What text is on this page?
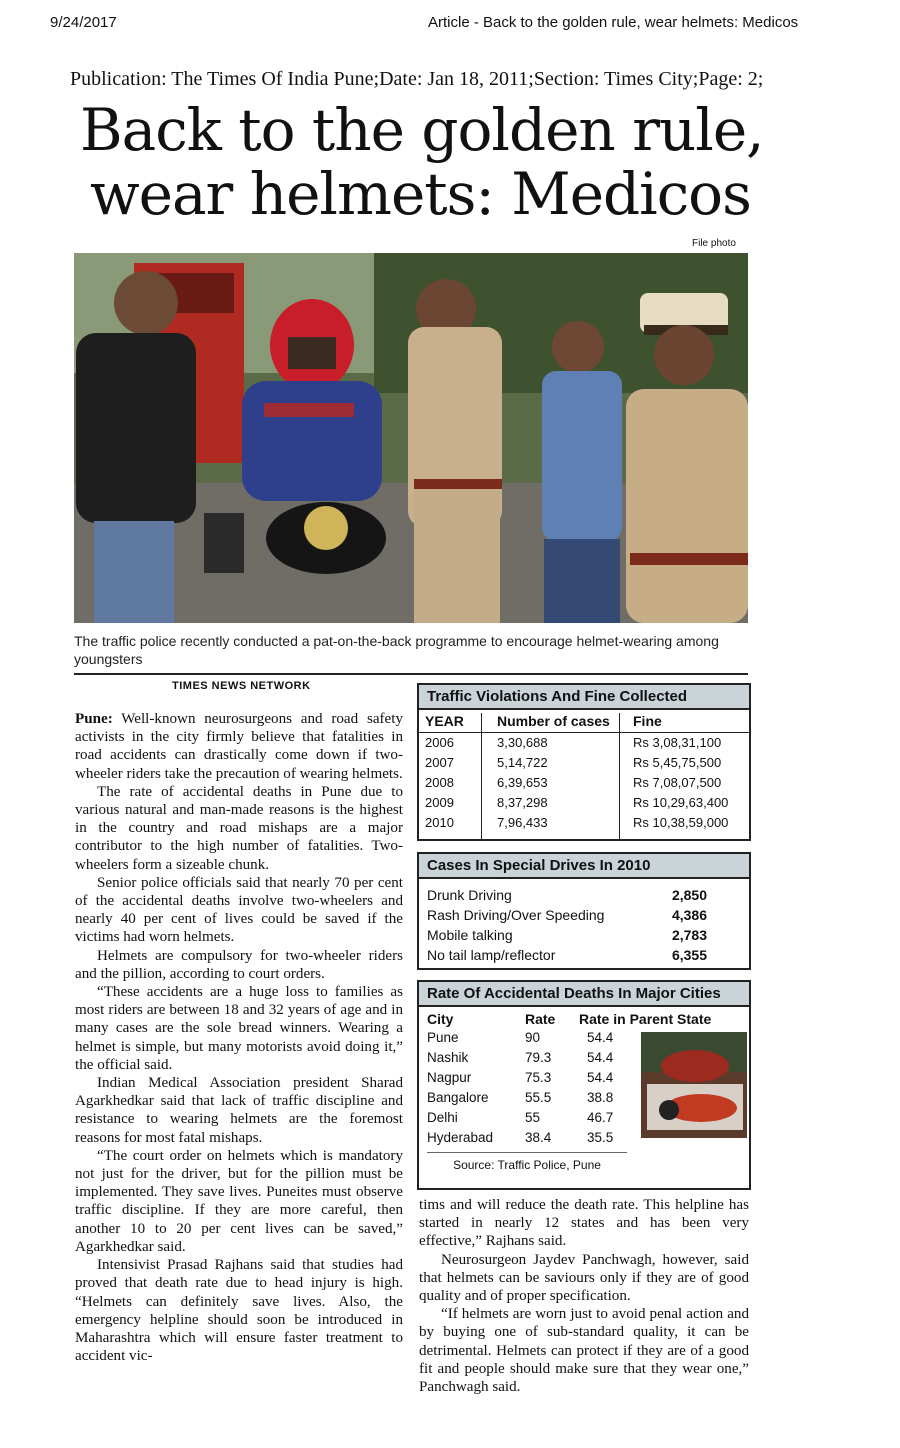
9/24/2017	Article - Back to the golden rule, wear helmets: Medicos
Publication: The Times Of India Pune;Date: Jan 18, 2011;Section: Times City;Page: 2;
Back to the golden rule,
wear helmets: Medicos
File photo
The traffic police recently conducted a pat-on-the-back programme to encourage helmet-wearing among youngsters
TIMES NEWS NETWORK

Pune: Well-known neurosurgeons and road safety activists in the city firmly believe that fatalities in road accidents can drastically come down if two-wheeler riders take the precaution of wearing helmets.

The rate of accidental deaths in Pune due to various natural and man-made reasons is the highest in the country and road mishaps are a major contributor to the high number of fatalities. Two-wheelers form a sizeable chunk.

Senior police officials said that nearly 70 per cent of the accidental deaths involve two-wheelers and nearly 40 per cent of lives could be saved if the victims had worn helmets.

Helmets are compulsory for two-wheeler riders and the pillion, according to court orders.

“These accidents are a huge loss to families as most riders are between 18 and 32 years of age and in many cases are the sole bread winners. Wearing a helmet is simple, but many motorists avoid doing it,” the official said.

Indian Medical Association president Sharad Agarkhedkar said that lack of traffic discipline and resistance to wearing helmets are the foremost reasons for most fatal mishaps.

“The court order on helmets which is mandatory not just for the driver, but for the pillion must be implemented. They save lives. Puneites must observe traffic discipline. If they are more careful, then another 10 to 20 per cent lives can be saved,” Agarkhedkar said.

Intensivist Prasad Rajhans said that studies had proved that death rate due to head injury is high. “Helmets can definitely save lives. Also, the emergency helpline should soon be introduced in Maharashtra which will ensure faster treatment to accident vic-

Traffic Violations And Fine Collected
YEAR Number of cases Fine
2006	3,30,688	Rs 3,08,31,100
2007	5,14,722	Rs 5,45,75,500
2008	6,39,653	Rs 7,08,07,500
2009	8,37,298	Rs 10,29,63,400
2010	7,96,433	Rs 10,38,59,000
Cases In Special Drives In 2010
Drunk Driving	2,850
Rash Driving/Over Speeding	4,386
Mobile talking	2,783
No tail lamp/reflector	6,355
Rate Of Accidental Deaths In Major Cities
City	Rate Rate in Parent State
Pune	90	54.4
Nashik	79.3	54.4
Nagpur	75.3	54.4
Bangalore	55.5	38.8
Delhi	55	46.7
Hyderabad 38.4	35.5
Source: Traffic Police, Pune

tims and will reduce the death rate. This helpline has started in nearly 12 states and has been very effective,” Rajhans said.

Neurosurgeon Jaydev Panchwagh, however, said that helmets can be saviours only if they are of good quality and of proper specification.

“If helmets are worn just to avoid penal action and by buying one of sub-standard quality, it can be detrimental. Helmets can protect if they are of a good fit and people should make sure that they wear one,” Panchwagh said.
